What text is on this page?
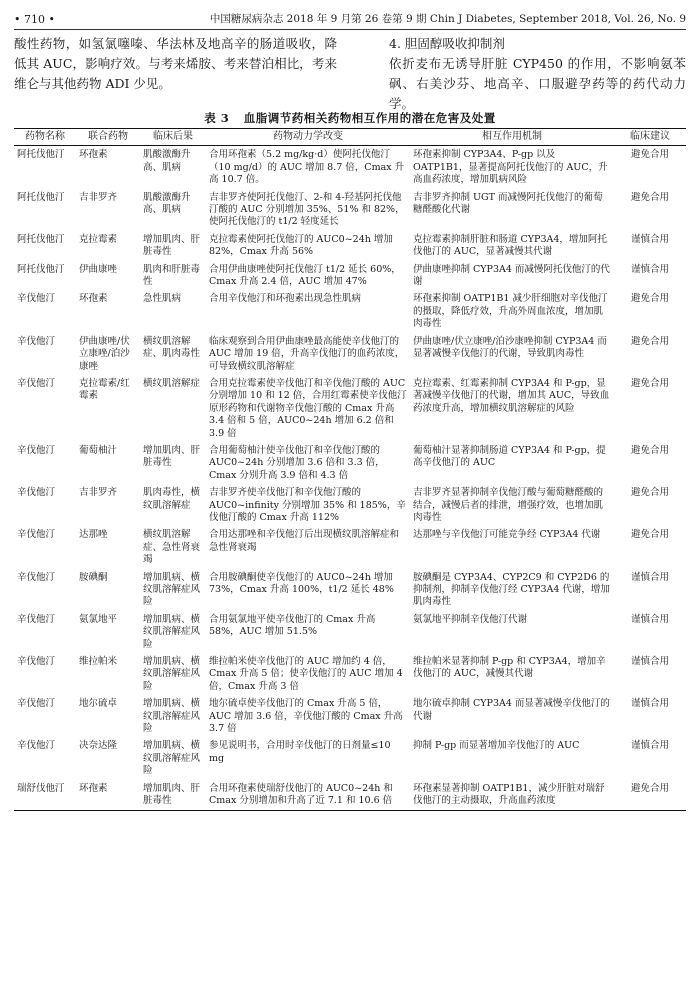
• 710 •	中国糖尿病杂志 2018 年 9 月第 26 卷第 9 期 Chin J Diabetes, September 2018, Vol. 26, No. 9

酸性药物，如氢氯噻嗪、华法林及地高辛的肠道吸收，降低其 AUC，影响疗效。与考来烯胺、考来替泊相比，考来维仑与其他药物 ADI 少见。

4. 胆固醇吸收抑制剂

依折麦布无诱导肝脏 CYP450 的作用，不影响氨苯砜、右美沙芬、地高辛、口服避孕药等的药代动力学。

表 3 血脂调节药相关药物相互作用的潜在危害及处置
药物名称	联合药物	临床后果	药物动力学改变	相互作用机制	临床建议
阿托伐他汀	环孢素	肌酸激酶升高、肌病	合用环孢素（5.2 mg/kg·d）使阿托伐他汀（10 mg/d）的 AUC 增加 8.7 倍，Cmax 升高 10.7 倍。	环孢素抑制 CYP3A4、P-gp 以及 OATP1B1，显著提高阿托伐他汀的 AUC，升高血药浓度，增加肌病风险	避免合用
阿托伐他汀	吉非罗齐	肌酸激酶升高、肌病	吉非罗齐使阿托伐他汀、2-和 4-羟基阿托伐他汀酸的 AUC 分别增加 35%、51% 和 82%，使阿托伐他汀的 t1/2 轻度延长	吉非罗齐抑制 UGT 而减慢阿托伐他汀的葡萄糖醛酸化代谢	避免合用
阿托伐他汀	克拉霉素	增加肌肉、肝脏毒性	克拉霉素使阿托伐他汀的 AUC0~24h 增加 82%，Cmax 升高 56%	克拉霉素抑制肝脏和肠道 CYP3A4，增加阿托伐他汀的 AUC，显著减慢其代谢	谨慎合用
阿托伐他汀	伊曲康唑	肌肉和肝脏毒性	合用伊曲康唑使阿托伐他汀 t1/2 延长 60%，Cmax 升高 2.4 倍，AUC 增加 47%	伊曲康唑抑制 CYP3A4 而减慢阿托伐他汀的代谢	谨慎合用
辛伐他汀	环孢素	急性肌病	合用辛伐他汀和环孢素出现急性肌病	环孢素抑制 OATP1B1 减少肝细胞对辛伐他汀的摄取，降低疗效，升高外周血浓度，增加肌肉毒性	避免合用
辛伐他汀	伊曲康唑/伏立康唑/泊沙康唑	横纹肌溶解症、肌肉毒性	临床观察到合用伊曲康唑最高能使辛伐他汀的 AUC 增加 19 倍，升高辛伐他汀的血药浓度，可导致横纹肌溶解症	伊曲康唑/伏立康唑/泊沙康唑抑制 CYP3A4 而显著减慢辛伐他汀的代谢，导致肌肉毒性	避免合用
辛伐他汀	克拉霉素/红霉素	横纹肌溶解症	合用克拉霉素使辛伐他汀和辛伐他汀酸的 AUC 分别增加 10 和 12 倍，合用红霉素使辛伐他汀原形药物和代谢物辛伐他汀酸的 Cmax 升高 3.4 倍和 5 倍，AUC0~24h 增加 6.2 倍和 3.9 倍	克拉霉素、红霉素抑制 CYP3A4 和 P-gp，显著减慢辛伐他汀的代谢，增加其 AUC，导致血药浓度升高，增加横纹肌溶解症的风险	避免合用
辛伐他汀	葡萄柚汁	增加肌肉、肝脏毒性	合用葡萄柚汁使辛伐他汀和辛伐他汀酸的 AUC0~24h 分别增加 3.6 倍和 3.3 倍，Cmax 分别升高 3.9 倍和 4.3 倍	葡萄柚汁显著抑制肠道 CYP3A4 和 P-gp，提高辛伐他汀的 AUC	避免合用
辛伐他汀	吉非罗齐	肌肉毒性，横纹肌溶解症	吉非罗齐使辛伐他汀和辛伐他汀酸的 AUC0~infinity 分别增加 35% 和 185%，辛伐他汀酸的 Cmax 升高 112%	吉非罗齐显著抑制辛伐他汀酸与葡萄糖醛酸的结合，减慢后者的排泄，增强疗效，也增加肌肉毒性	避免合用
辛伐他汀	达那唑	横纹肌溶解症、急性肾衰竭	合用达那唑和辛伐他汀后出现横纹肌溶解症和急性肾衰竭	达那唑与辛伐他汀可能竞争经 CYP3A4 代谢	避免合用
辛伐他汀	胺碘酮	增加肌病、横纹肌溶解症风险	合用胺碘酮使辛伐他汀的 AUC0~24h 增加 73%，Cmax 升高 100%，t1/2 延长 48%	胺碘酮是 CYP3A4、CYP2C9 和 CYP2D6 的抑制剂，抑制辛伐他汀经 CYP3A4 代谢，增加肌肉毒性	谨慎合用
辛伐他汀	氨氯地平	增加肌病、横纹肌溶解症风险	合用氨氯地平使辛伐他汀的 Cmax 升高 58%，AUC 增加 51.5%	氨氯地平抑制辛伐他汀代谢	谨慎合用
辛伐他汀	维拉帕米	增加肌病、横纹肌溶解症风险	维拉帕米使辛伐他汀的 AUC 增加约 4 倍，Cmax 升高 5 倍；使辛伐他汀的 AUC 增加 4 倍，Cmax 升高 3 倍	维拉帕米显著抑制 P-gp 和 CYP3A4，增加辛伐他汀的 AUC，减慢其代谢	谨慎合用
辛伐他汀	地尔硫卓	增加肌病、横纹肌溶解症风险	地尔硫卓使辛伐他汀的 Cmax 升高 5 倍，AUC 增加 3.6 倍，辛伐他汀酸的 Cmax 升高 3.7 倍	地尔硫卓抑制 CYP3A4 而显著减慢辛伐他汀的代谢	谨慎合用
辛伐他汀	决奈达隆	增加肌病、横纹肌溶解症风险	参见说明书，合用时辛伐他汀的日剂量≤10 mg	抑制 P-gp 而显著增加辛伐他汀的 AUC	谨慎合用
瑞舒伐他汀	环孢素	增加肌肉、肝脏毒性	合用环孢素使瑞舒伐他汀的 AUC0~24h 和 Cmax 分别增加和升高了近 7.1 和 10.6 倍	环孢素显著抑制 OATP1B1，减少肝脏对瑞舒伐他汀的主动摄取，升高血药浓度	避免合用
